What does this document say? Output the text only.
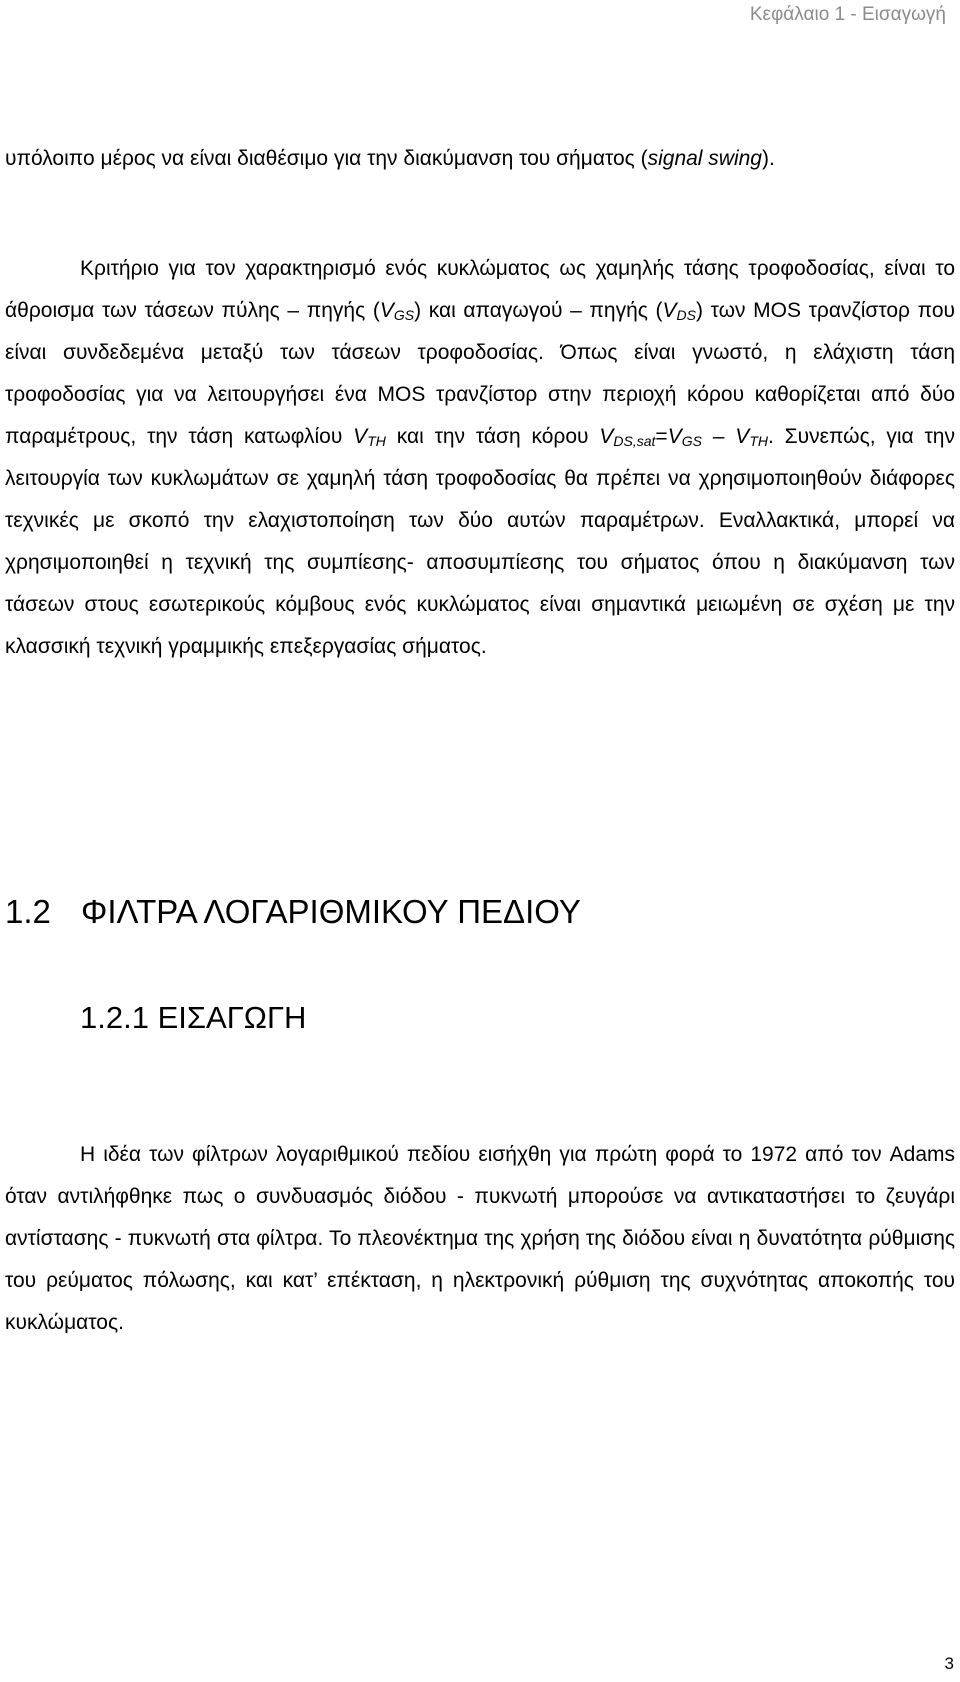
Κεφάλαιο 1 - Εισαγωγή

υπόλοιπο μέρος να είναι διαθέσιμο για την διακύμανση του σήματος (signal swing).

Κριτήριο για τον χαρακτηρισμό ενός κυκλώματος ως χαμηλής τάσης τροφοδοσίας, είναι το άθροισμα των τάσεων πύλης – πηγής $(V_{GS})$ και απαγωγού – πηγής $(V_{DS})$ των MOS τρανζίστορ που είναι συνδεδεμένα μεταξύ των τάσεων τροφοδοσίας. Όπως είναι γνωστό, η ελάχιστη τάση τροφοδοσίας για να λειτουργήσει ένα MOS τρανζίστορ στην περιοχή κόρου καθορίζεται από δύο παραμέτρους, την τάση κατωφλίου $V_{TH}$ και την τάση κόρου $V_{DS,sat}=V_{GS} - V_{TH}$. Συνεπώς, για την λειτουργία των κυκλωμάτων σε χαμηλή τάση τροφοδοσίας θα πρέπει να χρησιμοποιηθούν διάφορες τεχνικές με σκοπό την ελαχιστοποίηση των δύο αυτών παραμέτρων. Εναλλακτικά, μπορεί να χρησιμοποιηθεί η τεχνική της συμπίεσης- αποσυμπίεσης του σήματος όπου η διακύμανση των τάσεων στους εσωτερικούς κόμβους ενός κυκλώματος είναι σημαντικά μειωμένη σε σχέση με την κλασσική τεχνική γραμμικής επεξεργασίας σήματος.

1.2 ΦΙΛΤΡΑ ΛΟΓΑΡΙΘΜΙΚΟΥ ΠΕΔΙΟΥ
1.2.1 ΕΙΣΑΓΩΓΗ

Η ιδέα των φίλτρων λογαριθμικού πεδίου εισήχθη για πρώτη φορά το 1972 από τον Adams όταν αντιλήφθηκε πως ο συνδυασμός διόδου - πυκνωτή μπορούσε να αντικαταστήσει το ζευγάρι αντίστασης - πυκνωτή στα φίλτρα. Το πλεονέκτημα της χρήση της διόδου είναι η δυνατότητα ρύθμισης του ρεύματος πόλωσης, και κατ’ επέκταση, η ηλεκτρονική ρύθμιση της συχνότητας αποκοπής του κυκλώματος.

3
